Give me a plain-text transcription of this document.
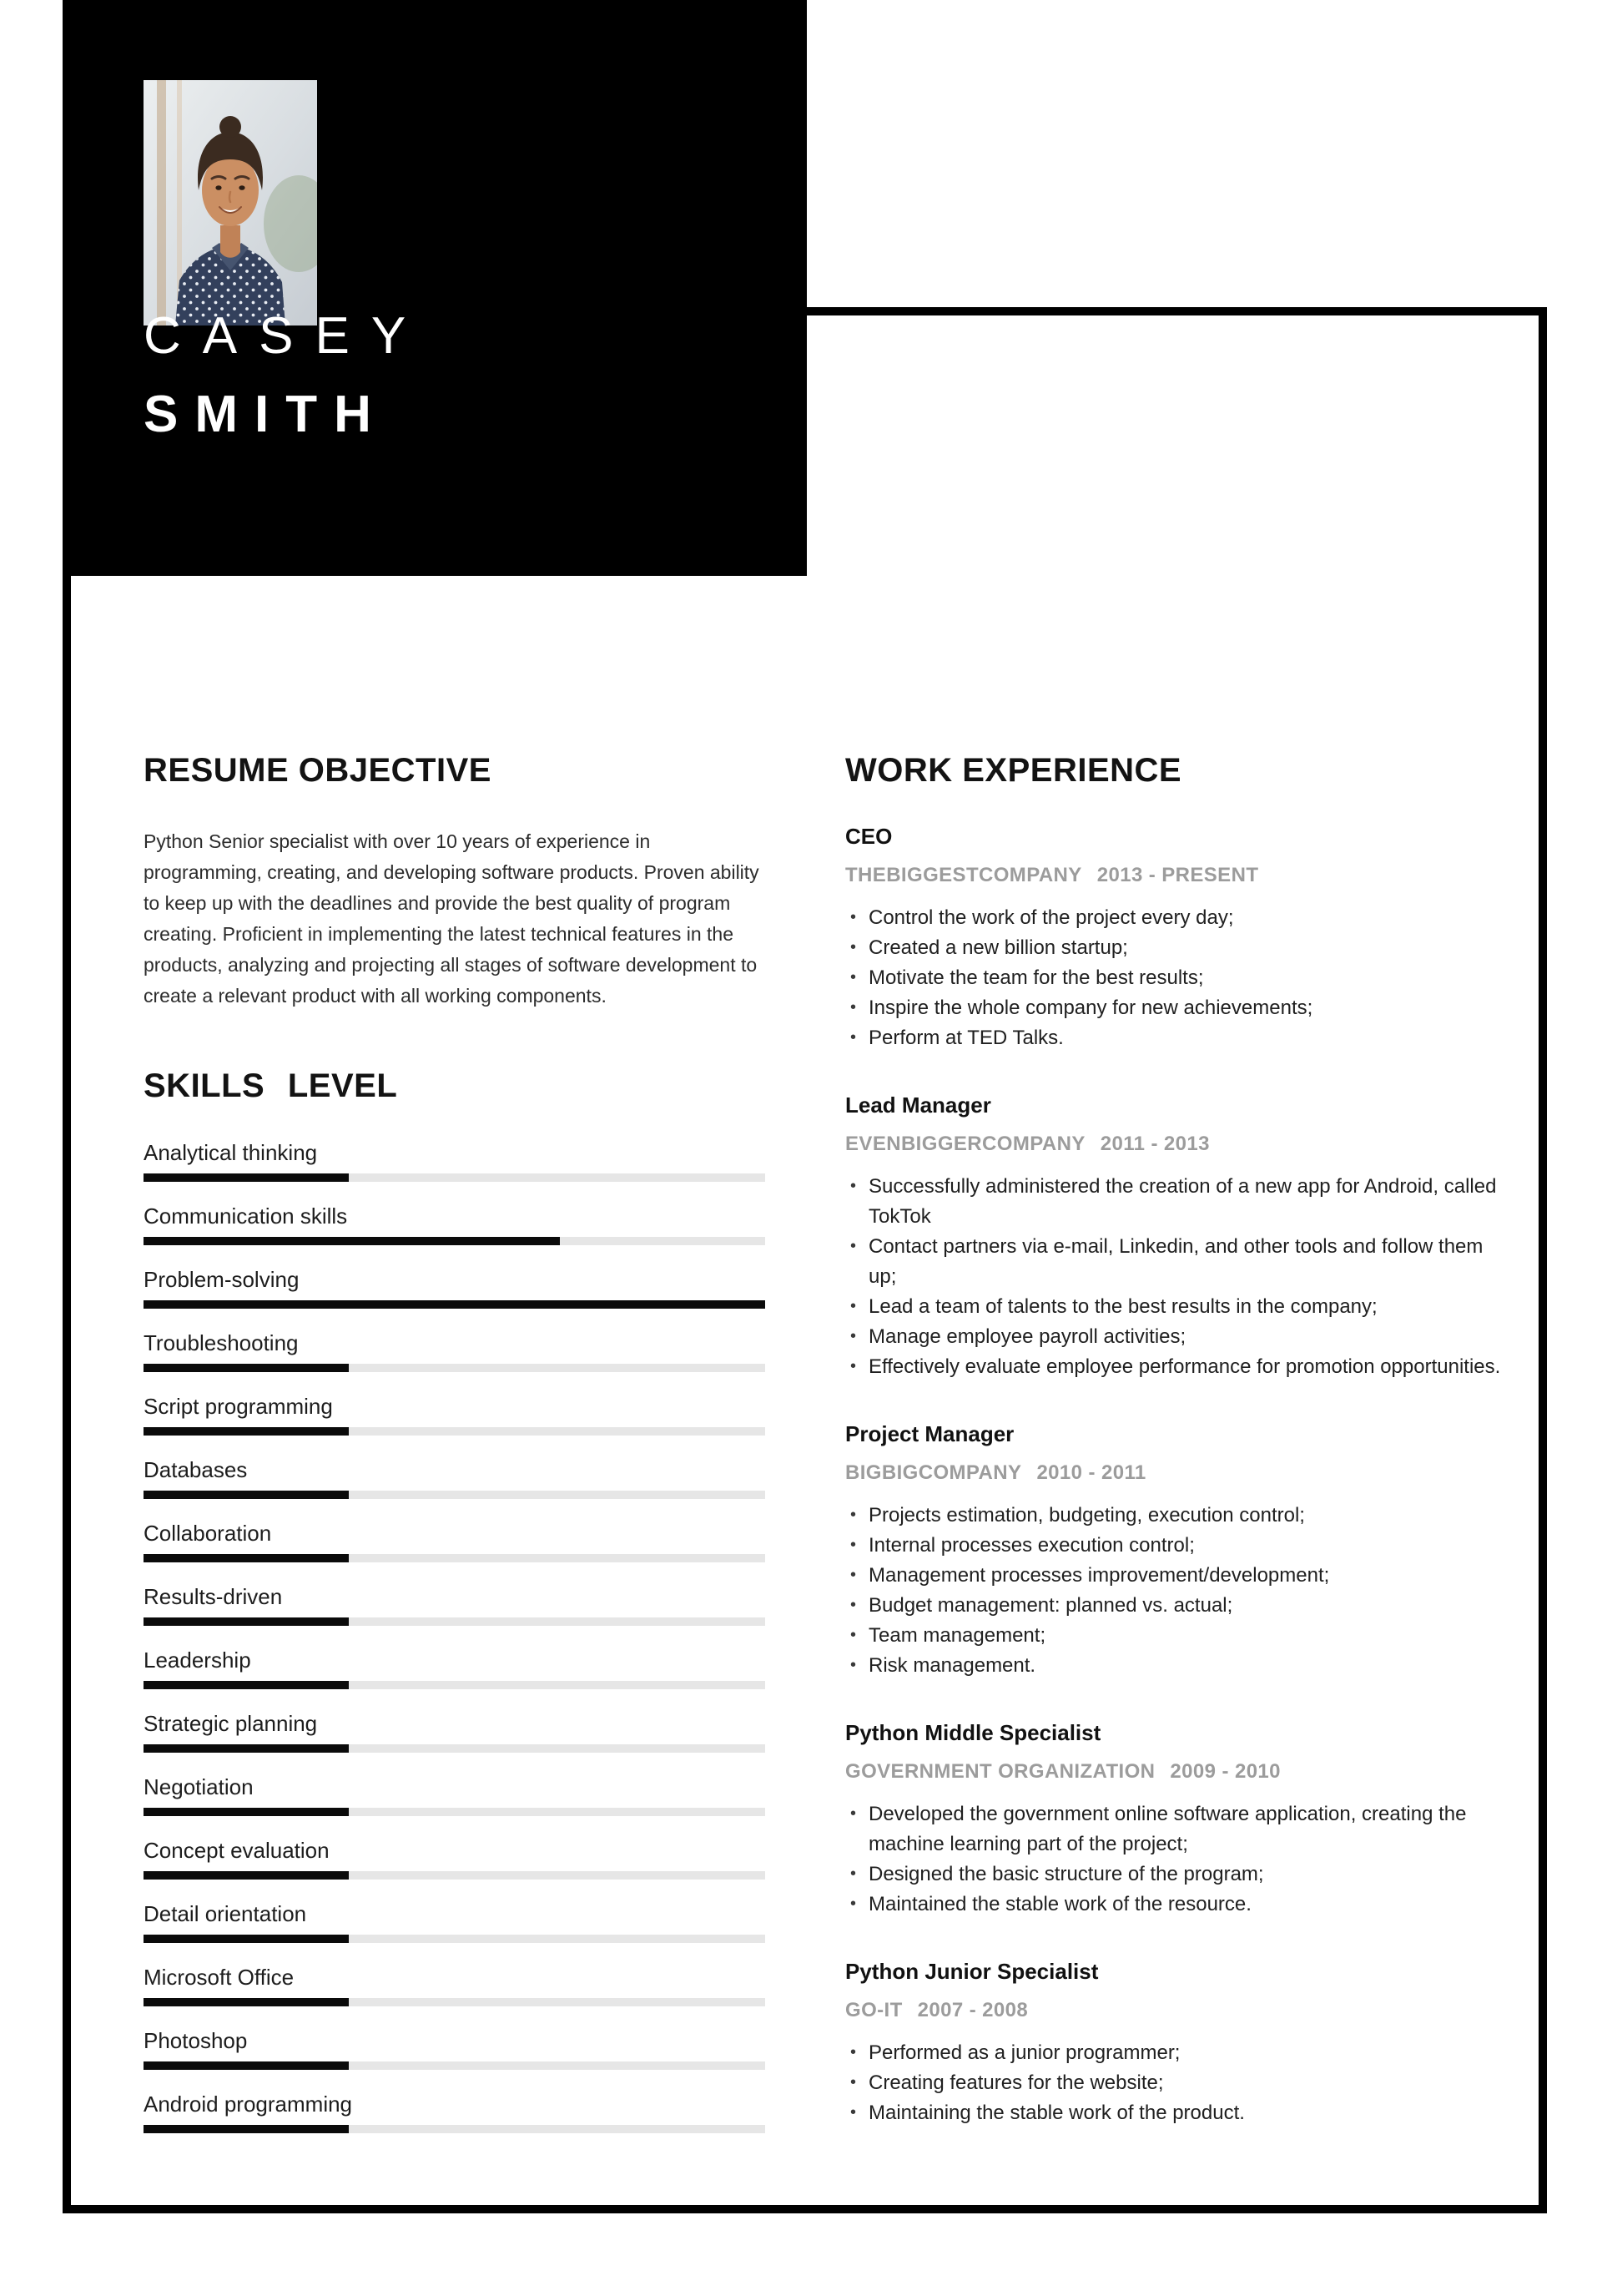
CASEY
SMITH
RESUME OBJECTIVE

Python Senior specialist with over 10 years of experience in programming, creating, and developing software products. Proven ability to keep up with the deadlines and provide the best quality of program creating. Proficient in implementing the latest technical features in the products, analyzing and projecting all stages of software development to create a relevant product with all working components.

SKILLS LEVEL
Analytical thinking
Communication skills
Problem-solving
Troubleshooting
Script programming
Databases
Collaboration
Results-driven
Leadership
Strategic planning
Negotiation
Concept evaluation
Detail orientation
Microsoft Office
Photoshop
Android programming
WORK EXPERIENCE
CEO
THEBIGGESTCOMPANY 2013 - PRESENT
• Control the work of the project every day;
• Created a new billion startup;
• Motivate the team for the best results;
• Inspire the whole company for new achievements;
• Perform at TED Talks.
Lead Manager
EVENBIGGERCOMPANY 2011 - 2013
• Successfully administered the creation of a new app for Android, called TokTok
• Contact partners via e-mail, Linkedin, and other tools and follow them up;
• Lead a team of talents to the best results in the company;
• Manage employee payroll activities;
• Effectively evaluate employee performance for promotion opportunities.
Project Manager
BIGBIGCOMPANY 2010 - 2011
• Projects estimation, budgeting, execution control;
• Internal processes execution control;
• Management processes improvement/development;
• Budget management: planned vs. actual;
• Team management;
• Risk management.
Python Middle Specialist
GOVERNMENT ORGANIZATION 2009 - 2010
• Developed the government online software application, creating the machine learning part of the project;
• Designed the basic structure of the program;
• Maintained the stable work of the resource.
Python Junior Specialist
GO-IT 2007 - 2008
• Performed as a junior programmer;
• Creating features for the website;
• Maintaining the stable work of the product.
